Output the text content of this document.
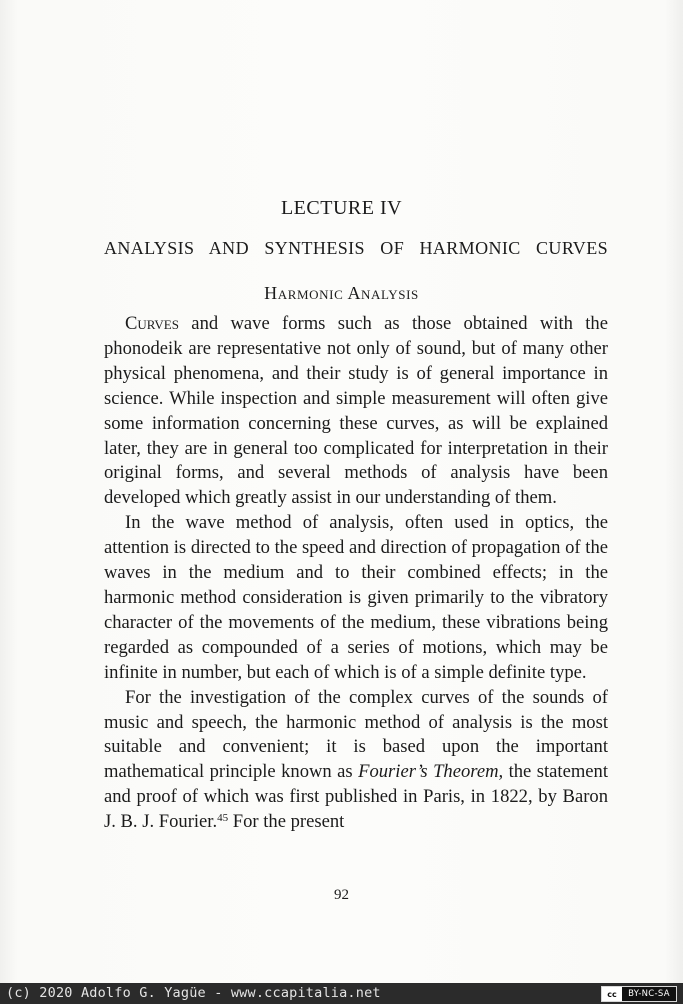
LECTURE IV
ANALYSIS AND SYNTHESIS OF HARMONIC CURVES
Harmonic Analysis

Curves and wave forms such as those obtained with the phonodeik are representative not only of sound, but of many other physical phenomena, and their study is of general importance in science. While inspection and simple measurement will often give some information concerning these curves, as will be explained later, they are in general too complicated for interpretation in their original forms, and several methods of analysis have been developed which greatly assist in our understanding of them.

In the wave method of analysis, often used in optics, the attention is directed to the speed and direction of propagation of the waves in the medium and to their combined effects; in the harmonic method consideration is given primarily to the vibratory character of the movements of the medium, these vibrations being regarded as compounded of a series of motions, which may be infinite in number, but each of which is of a simple definite type.

For the investigation of the complex curves of the sounds of music and speech, the harmonic method of analysis is the most suitable and convenient; it is based upon the important mathematical principle known as Fourier’s Theorem, the statement and proof of which was first published in Paris, in 1822, by Baron J. B. J. Fourier.$^{45}$ For the present

92
(c) 2020 Adolfo G. Yagüe - www.ccapitalia.net	cc	BY-NC-SA
